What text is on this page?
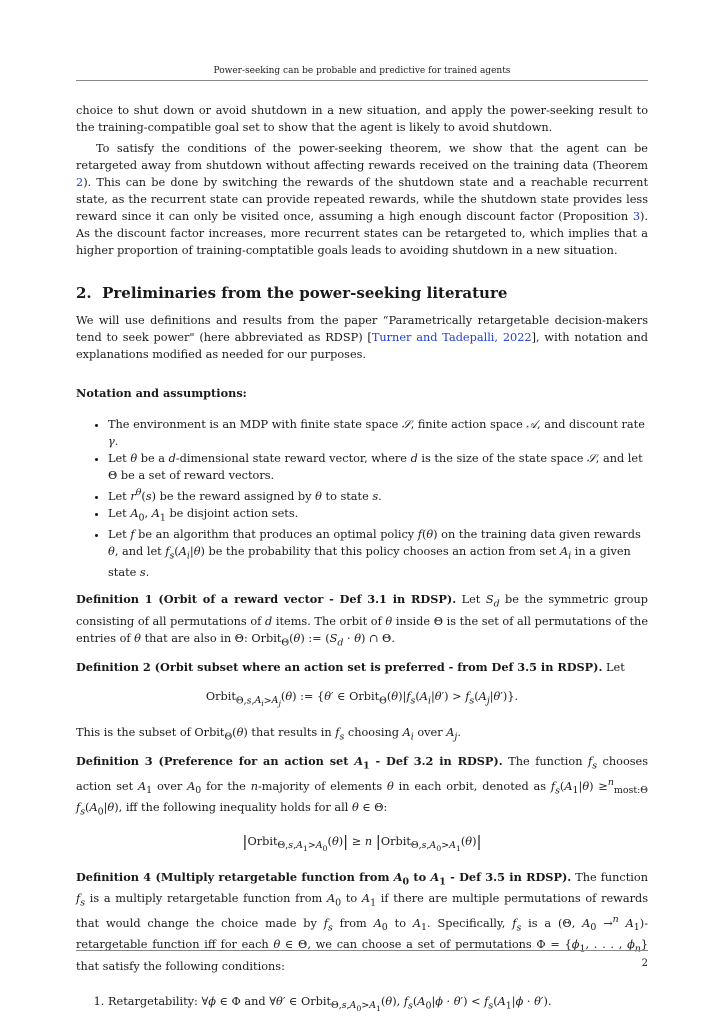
Power-seeking can be probable and predictive for trained agents

choice to shut down or avoid shutdown in a new situation, and apply the power-seeking result to the training-compatible goal set to show that the agent is likely to avoid shutdown.

To satisfy the conditions of the power-seeking theorem, we show that the agent can be retargeted away from shutdown without affecting rewards received on the training data (Theorem 2). This can be done by switching the rewards of the shutdown state and a reachable recurrent state, as the recurrent state can provide repeated rewards, while the shutdown state provides less reward since it can only be visited once, assuming a high enough discount factor (Proposition 3). As the discount factor increases, more recurrent states can be retargeted to, which implies that a higher proportion of training-comptatible goals leads to avoiding shutdown in a new situation.

2. Preliminaries from the power-seeking literature

We will use definitions and results from the paper “Parametrically retargetable decision-makers tend to seek power" (here abbreviated as RDSP) [Turner and Tadepalli, 2022], with notation and explanations modified as needed for our purposes.

Notation and assumptions:

• The environment is an MDP with finite state space 𝒮, finite action space 𝒜, and discount rate γ.
• Let θ be a d-dimensional state reward vector, where d is the size of the state space 𝒮, and let Θ be a set of reward vectors.
• Let $r^\theta(s)$ be the reward assigned by θ to state s.
• Let $A_0$, $A_1$ be disjoint action sets.
• Let f be an algorithm that produces an optimal policy f(θ) on the training data given rewards θ, and let $f_s(A_i|\theta)$ be the probability that this policy chooses an action from set $A_i$ in a given state s.

Definition 1 (Orbit of a reward vector - Def 3.1 in RDSP). Let $S_d$ be the symmetric group consisting of all permutations of d items. The orbit of θ inside Θ is the set of all permutations of the entries of θ that are also in Θ: Orbit$_\Theta$(θ) := $(S_d \cdot \theta)$ ∩ Θ.

Definition 2 (Orbit subset where an action set is preferred - from Def 3.5 in RDSP). Let

Orbit$_{\Theta,s,A_i>A_j}$(θ) := {θ′ ∈ $Orbit_\Theta(\theta)|f_s(A_i|\theta') > f_s(A_j|\theta')$}.

This is the subset of Orbit$_\Theta$(θ) that results in $f_s$ choosing $A_i$ over $A_j$.

Definition 3 (Preference for an action set $A_1$ - Def 3.2 in RDSP). The function $f_s$ chooses action set $A_1$ over $A_0$ for the n-majority of elements θ in each orbit, denoted as $f_s(A_1|\theta) \ge^n_{most:\Theta}$ $f_s(A_0|\theta)$, iff the following inequality holds for all θ ∈ Θ:

|Orbit$_{\Theta,s,A_1>A_0}$(θ)| ≥ n |Orbit$_{\Theta,s,A_0>A_1}$(θ)|

Definition 4 (Multiply retargetable function from $A_0$ to $A_1$ - Def 3.5 in RDSP). The function $f_s$ is a multiply retargetable function from $A_0$ to $A_1$ if there are multiple permutations of rewards that would change the choice made by $f_s$ from $A_0$ to $A_1$. Specifically, $f_s$ is a (Θ, $A_0 \to^n$ $A_1$)-retargetable function iff for each θ ∈ Θ, we can choose a set of permutations $\Phi = \{\phi_1$, . . . , $\phi_n$} that satisfy the following conditions:

1. Retargetability: ∀ϕ ∈ Φ and ∀θ′ ∈ Orbit$_{\Theta,s,A_0>A_1}$(θ), $f_s(A_0|\phi \cdot \theta') < f_s(A_1|\phi \cdot \theta')$.
2
